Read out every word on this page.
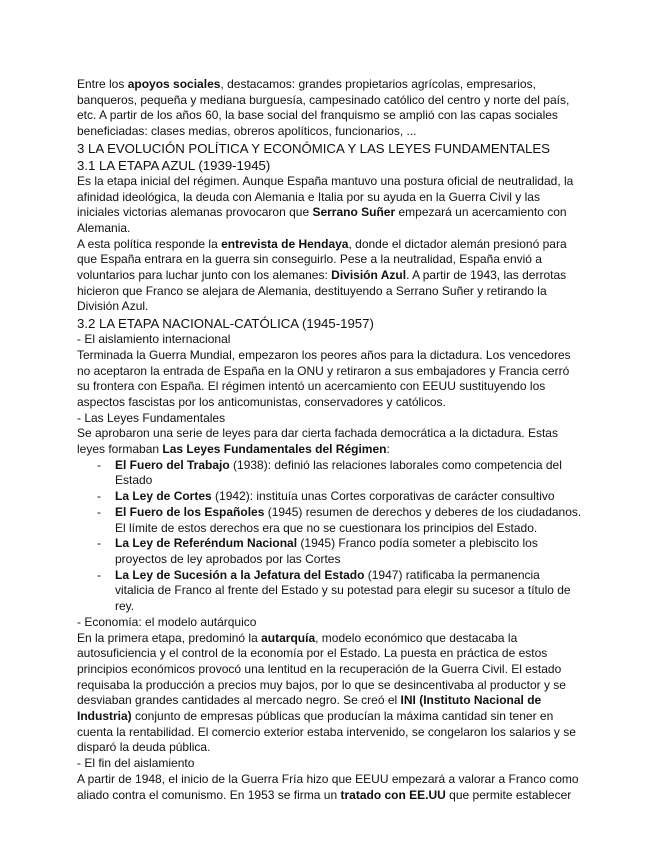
Entre los apoyos sociales, destacamos: grandes propietarios agrícolas, empresarios, banqueros, pequeña y mediana burguesía, campesinado católico del centro y norte del país, etc. A partir de los años 60, la base social del franquismo se amplió con las capas sociales beneficiadas: clases medias, obreros apolíticos, funcionarios, ...

3 LA EVOLUCIÓN POLÍTICA Y ECONÓMICA Y LAS LEYES FUNDAMENTALES

3.1 LA ETAPA AZUL (1939-1945)

Es la etapa inicial del régimen. Aunque España mantuvo una postura oficial de neutralidad, la afinidad ideológica, la deuda con Alemania e Italia por su ayuda en la Guerra Civil y las iniciales victorias alemanas provocaron que Serrano Suñer empezará un acercamiento con Alemania.

A esta política responde la entrevista de Hendaya, donde el dictador alemán presionó para que España entrara en la guerra sin conseguirlo. Pese a la neutralidad, España envió a voluntarios para luchar junto con los alemanes: División Azul. A partir de 1943, las derrotas hicieron que Franco se alejara de Alemania, destituyendo a Serrano Suñer y retirando la División Azul.

3.2 LA ETAPA NACIONAL-CATÓLICA (1945-1957)

- El aislamiento internacional

Terminada la Guerra Mundial, empezaron los peores años para la dictadura. Los vencedores no aceptaron la entrada de España en la ONU y retiraron a sus embajadores y Francia cerró su frontera con España. El régimen intentó un acercamiento con EEUU sustituyendo los aspectos fascistas por los anticomunistas, conservadores y católicos.

- Las Leyes Fundamentales

Se aprobaron una serie de leyes para dar cierta fachada democrática a la dictadura. Estas leyes formaban Las Leyes Fundamentales del Régimen:

- El Fuero del Trabajo (1938): definió las relaciones laborales como competencia del Estado
- La Ley de Cortes (1942): instituía unas Cortes corporativas de carácter consultivo
- El Fuero de los Españoles (1945) resumen de derechos y deberes de los ciudadanos. El límite de estos derechos era que no se cuestionara los principios del Estado.
- La Ley de Referéndum Nacional (1945) Franco podía someter a plebiscito los proyectos de ley aprobados por las Cortes
- La Ley de Sucesión a la Jefatura del Estado (1947) ratificaba la permanencia vitalicia de Franco al frente del Estado y su potestad para elegir su sucesor a título de rey.

- Economía: el modelo autárquico

En la primera etapa, predominó la autarquía, modelo económico que destacaba la autosuficiencia y el control de la economía por el Estado. La puesta en práctica de estos principios económicos provocó una lentitud en la recuperación de la Guerra Civil. El estado requisaba la producción a precios muy bajos, por lo que se desincentivaba al productor y se desviaban grandes cantidades al mercado negro. Se creó el INI (Instituto Nacional de Industria) conjunto de empresas públicas que producían la máxima cantidad sin tener en cuenta la rentabilidad. El comercio exterior estaba intervenido, se congelaron los salarios y se disparó la deuda pública.

- El fin del aislamiento

A partir de 1948, el inicio de la Guerra Fría hizo que EEUU empezará a valorar a Franco como aliado contra el comunismo. En 1953 se firma un tratado con EE.UU que permite establecer
